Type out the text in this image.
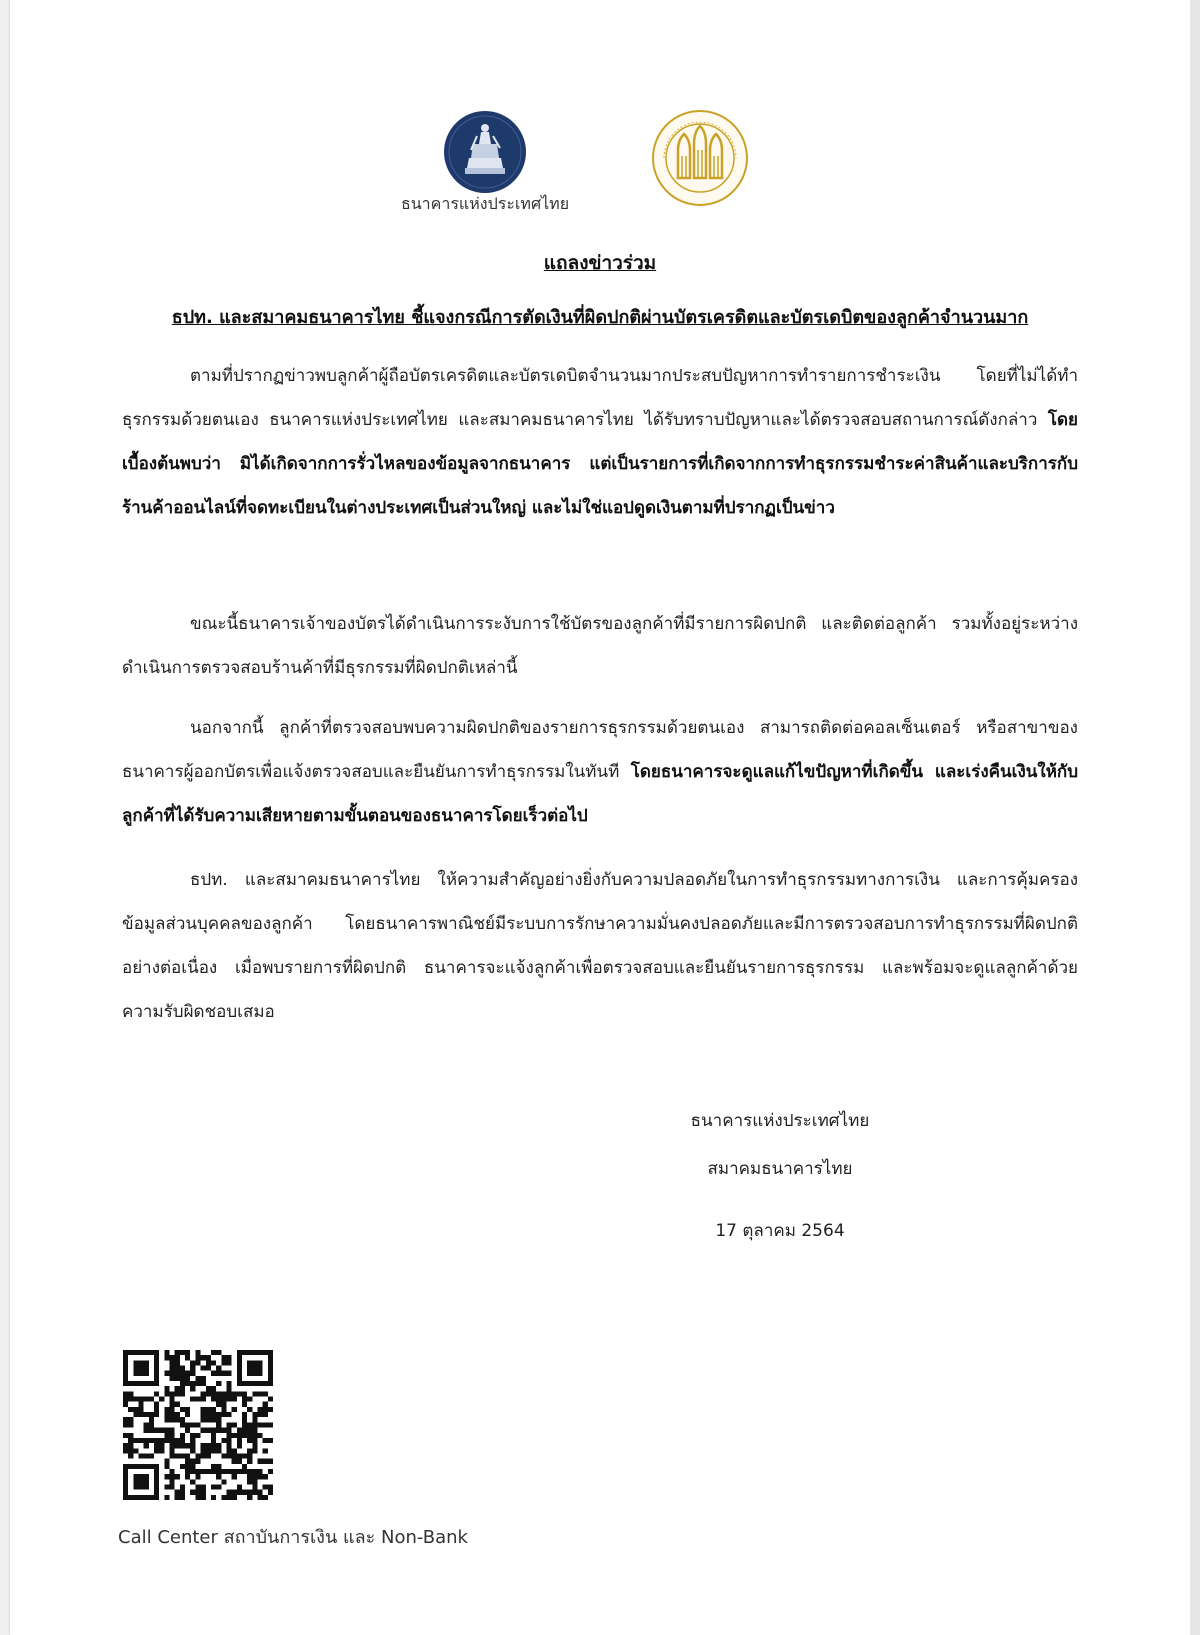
ธนาคารแห่งประเทศไทย
แถลงข่าวร่วม
ธปท. และสมาคมธนาคารไทย ชี้แจงกรณีการตัดเงินที่ผิดปกติผ่านบัตรเครดิตและบัตรเดบิตของลูกค้าจำนวนมาก
ตามที่ปรากฏข่าวพบลูกค้าผู้ถือบัตรเครดิตและบัตรเดบิตจำนวนมากประสบปัญหาการทำรายการชำระเงิน โดยที่ไม่ได้ทำธุรกรรมด้วยตนเอง ธนาคารแห่งประเทศไทย และสมาคมธนาคารไทย ได้รับทราบปัญหาและได้ตรวจสอบสถานการณ์ดังกล่าว โดยเบื้องต้นพบว่า มิได้เกิดจากการรั่วไหลของข้อมูลจากธนาคาร แต่เป็นรายการที่เกิดจากการทำธุรกรรมชำระค่าสินค้าและบริการกับร้านค้าออนไลน์ที่จดทะเบียนในต่างประเทศเป็นส่วนใหญ่ และไม่ใช่แอปดูดเงินตามที่ปรากฏเป็นข่าว
ขณะนี้ธนาคารเจ้าของบัตรได้ดำเนินการระงับการใช้บัตรของลูกค้าที่มีรายการผิดปกติ และติดต่อลูกค้า รวมทั้งอยู่ระหว่างดำเนินการตรวจสอบร้านค้าที่มีธุรกรรมที่ผิดปกติเหล่านี้
นอกจากนี้ ลูกค้าที่ตรวจสอบพบความผิดปกติของรายการธุรกรรมด้วยตนเอง สามารถติดต่อคอลเซ็นเตอร์ หรือสาขาของธนาคารผู้ออกบัตรเพื่อแจ้งตรวจสอบและยืนยันการทำธุรกรรมในทันที โดยธนาคารจะดูแลแก้ไขปัญหาที่เกิดขึ้น และเร่งคืนเงินให้กับลูกค้าที่ได้รับความเสียหายตามขั้นตอนของธนาคารโดยเร็วต่อไป
ธปท. และสมาคมธนาคารไทย ให้ความสำคัญอย่างยิ่งกับความปลอดภัยในการทำธุรกรรมทางการเงิน และการคุ้มครองข้อมูลส่วนบุคคลของลูกค้า โดยธนาคารพาณิชย์มีระบบการรักษาความมั่นคงปลอดภัยและมีการตรวจสอบการทำธุรกรรมที่ผิดปกติอย่างต่อเนื่อง เมื่อพบรายการที่ผิดปกติ ธนาคารจะแจ้งลูกค้าเพื่อตรวจสอบและยืนยันรายการธุรกรรม และพร้อมจะดูแลลูกค้าด้วยความรับผิดชอบเสมอ
ธนาคารแห่งประเทศไทย
สมาคมธนาคารไทย
17 ตุลาคม 2564
Call Center สถาบันการเงิน และ Non-Bank
